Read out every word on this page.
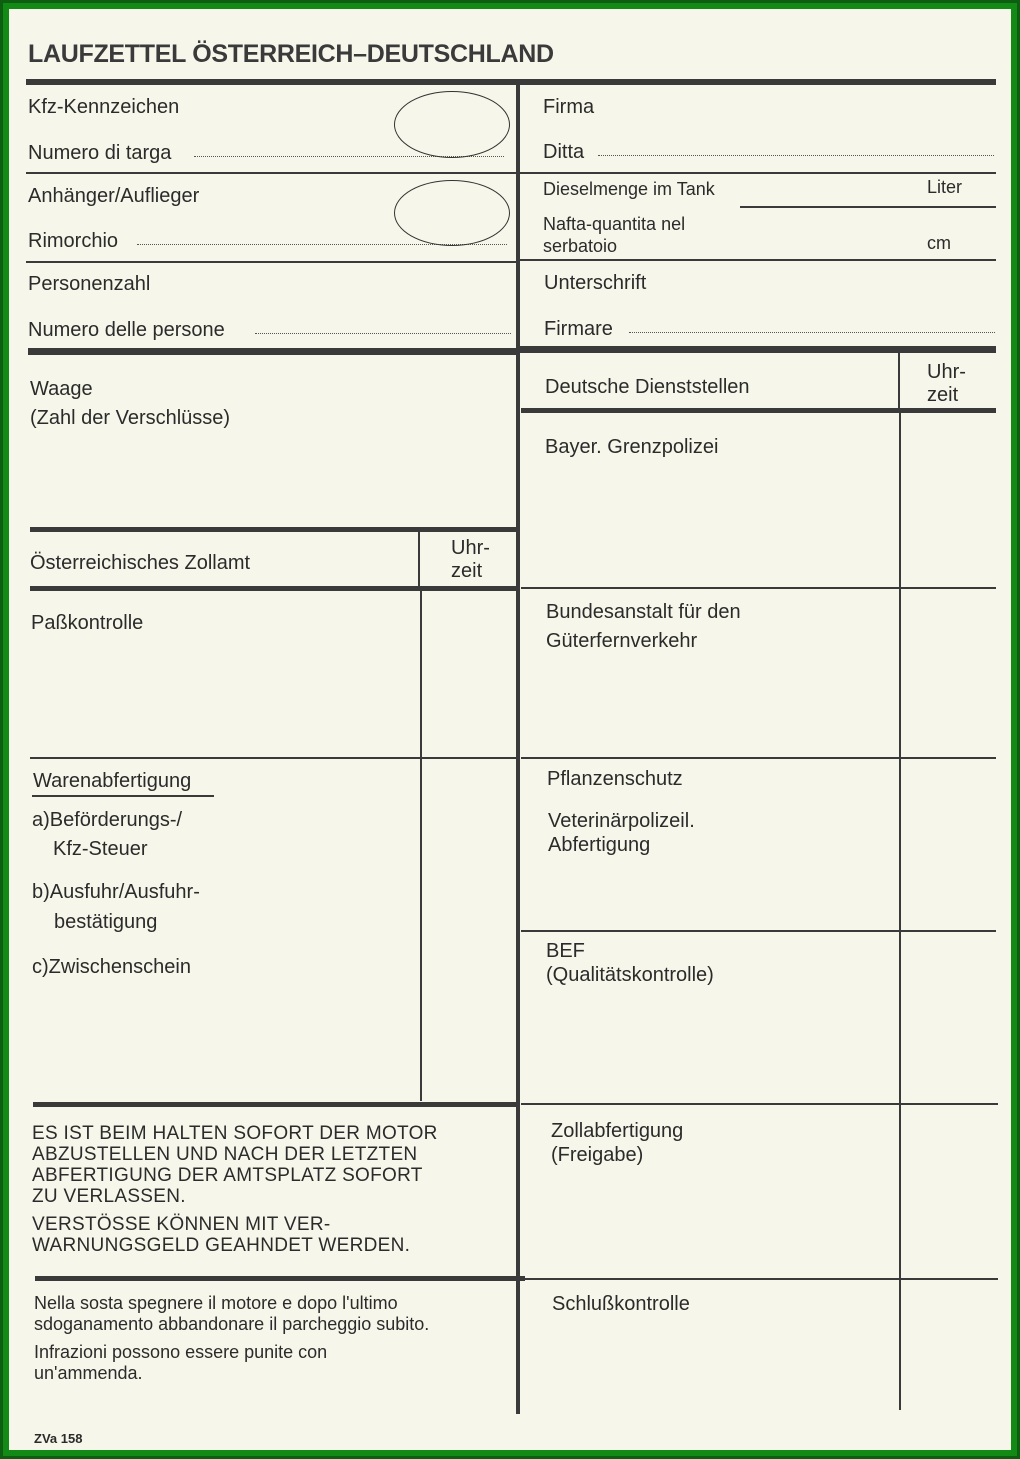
LAUFZETTEL ÖSTERREICH–DEUTSCHLAND
Kfz-Kennzeichen
Numero di targa
Anhänger/Auflieger
Rimorchio
Personenzahl
Numero delle persone
Firma
Ditta
Dieselmenge im Tank	Liter
Nafta-quantita nel
serbatoio	cm
Unterschrift
Firmare
Waage
(Zahl der Verschlüsse)
Österreichisches Zollamt
Uhr-
zeit
Paßkontrolle
Warenabfertigung
a)Beförderungs-/
Kfz-Steuer
b)Ausfuhr/Ausfuhr-
bestätigung
c)Zwischenschein
ES IST BEIM HALTEN SOFORT DER MOTOR
ABZUSTELLEN UND NACH DER LETZTEN
ABFERTIGUNG DER AMTSPLATZ SOFORT
ZU VERLASSEN.
VERSTÖSSE KÖNNEN MIT VER-
WARNUNGSGELD GEAHNDET WERDEN.
Nella sosta spegnere il motore e dopo l'ultimo
sdoganamento abbandonare il parcheggio subito.
Infrazioni possono essere punite con
un'ammenda.
ZVa 158
Deutsche Dienststellen
Uhr-
zeit
Bayer. Grenzpolizei
Bundesanstalt für den
Güterfernverkehr
Pflanzenschutz
Veterinärpolizeil.
Abfertigung
BEF
(Qualitätskontrolle)
Zollabfertigung
(Freigabe)
Schlußkontrolle
